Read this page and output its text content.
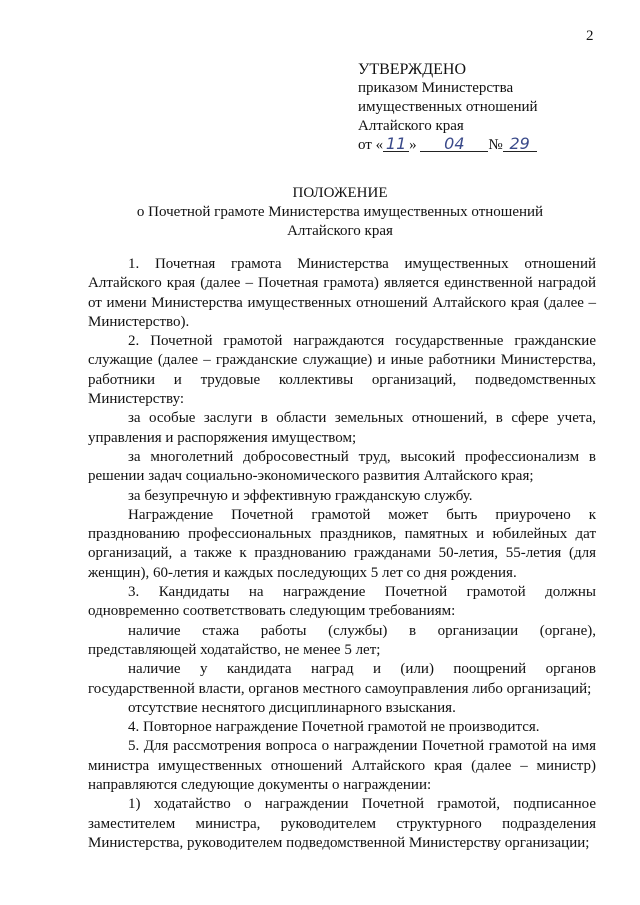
2
УТВЕРЖДЕНО
приказом Министерства
имущественных отношений
Алтайского края
от « 11 » 04 № 29
ПОЛОЖЕНИЕ
о Почетной грамоте Министерства имущественных отношений
Алтайского края

1. Почетная грамота Министерства имущественных отношений Алтайского края (далее – Почетная грамота) является единственной наградой от имени Министерства имущественных отношений Алтайского края (далее – Министерство).

2. Почетной грамотой награждаются государственные гражданские служащие (далее – гражданские служащие) и иные работники Министерства, работники и трудовые коллективы организаций, подведомственных Министерству:

за особые заслуги в области земельных отношений, в сфере учета, управления и распоряжения имуществом;

за многолетний добросовестный труд, высокий профессионализм в решении задач социально-экономического развития Алтайского края;

за безупречную и эффективную гражданскую службу.

Награждение Почетной грамотой может быть приурочено к празднованию профессиональных праздников, памятных и юбилейных дат организаций, а также к празднованию гражданами 50-летия, 55-летия (для женщин), 60-летия и каждых последующих 5 лет со дня рождения.

3. Кандидаты на награждение Почетной грамотой должны одновременно соответствовать следующим требованиям:

наличие стажа работы (службы) в организации (органе), представляющей ходатайство, не менее 5 лет;

наличие у кандидата наград и (или) поощрений органов государственной власти, органов местного самоуправления либо организаций;

отсутствие неснятого дисциплинарного взыскания.

4. Повторное награждение Почетной грамотой не производится.

5. Для рассмотрения вопроса о награждении Почетной грамотой на имя министра имущественных отношений Алтайского края (далее – министр) направляются следующие документы о награждении:

1) ходатайство о награждении Почетной грамотой, подписанное заместителем министра, руководителем структурного подразделения Министерства, руководителем подведомственной Министерству организации;
